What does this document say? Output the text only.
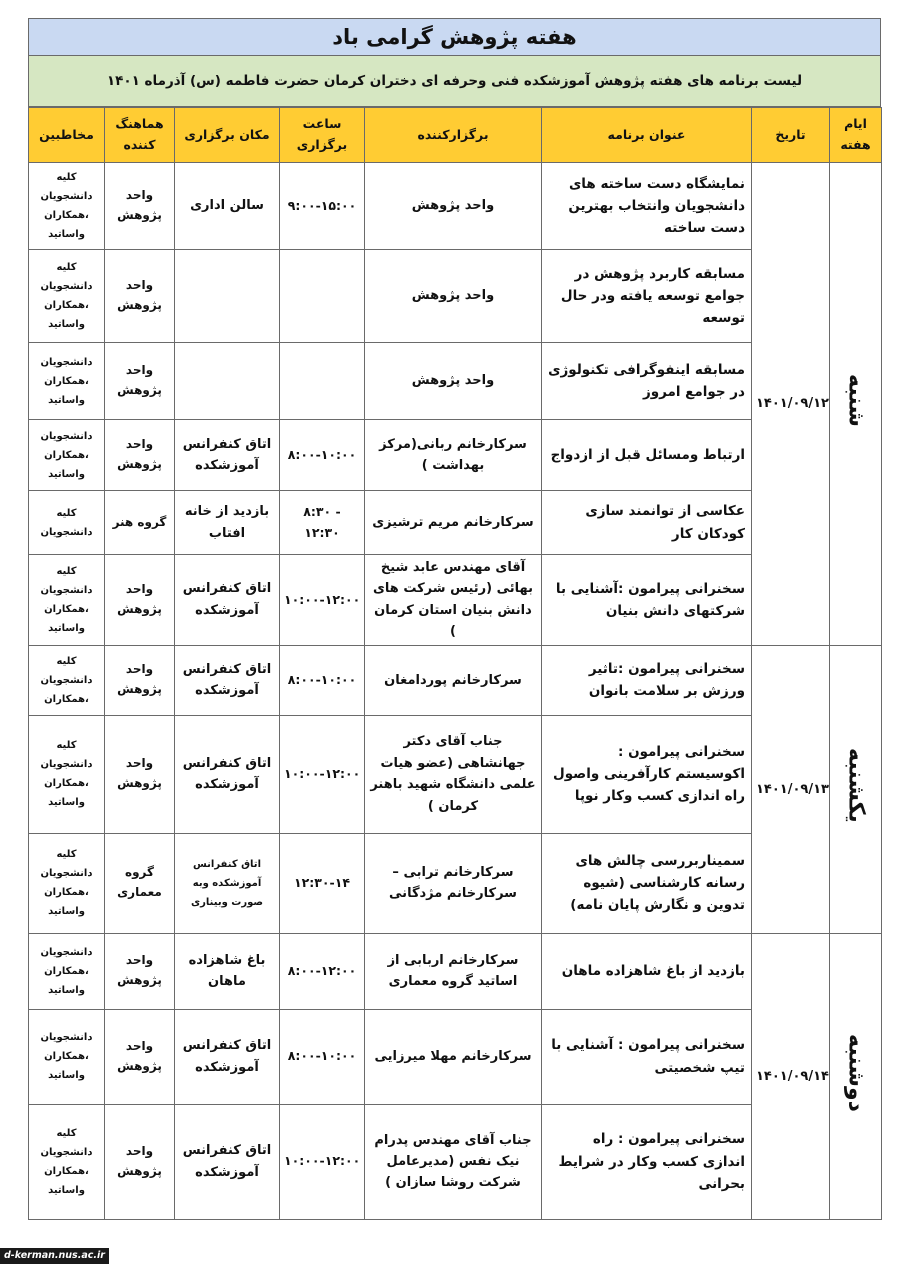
هفته پژوهش گرامی باد
لیست برنامه های هفته پژوهش آموزشکده فنی وحرفه ای دختران کرمان حضرت فاطمه (س) آذرماه ۱۴۰۱
ایام هفته	تاریخ	عنوان برنامه	برگزارکننده	ساعت برگزاری	مکان برگزاری	هماهنگ کننده	مخاطبین
شنبه	۱۴۰۱/۰۹/۱۲	نمایشگاه دست ساخته های دانشجویان وانتخاب بهترین دست ساخته	واحد پژوهش	۹:۰۰-۱۵:۰۰	سالن اداری	واحد پژوهش	کلیه دانشجویان ،همکاران واساتید
		مسابقه کاربرد پژوهش در جوامع توسعه یافته ودر حال توسعه	واحد پژوهش			واحد پژوهش	کلیه دانشجویان ،همکاران واساتید
		مسابقه اینفوگرافی تکنولوژی در جوامع امروز	واحد پژوهش			واحد پژوهش	دانشجویان ،همکاران واساتید
		ارتباط ومسائل قبل از ازدواج	سرکارخانم ربانی(مرکز بهداشت )	۸:۰۰-۱۰:۰۰	اتاق کنفرانس آموزشکده	واحد پژوهش	دانشجویان ،همکاران واساتید
		عکاسی از توانمند سازی کودکان کار	سرکارخانم مریم ترشیزی	۸:۳۰ - ۱۲:۳۰	بازدید از خانه افتاب	گروه هنر	کلیه دانشجویان
		سخنرانی پیرامون :آشنایی با شرکتهای دانش بنیان	آقای مهندس عابد شیخ بهائی (رئیس شرکت های دانش بنیان استان کرمان )	۱۰:۰۰-۱۲:۰۰	اتاق کنفرانس آموزشکده	واحد پژوهش	کلیه دانشجویان ،همکاران واساتید
یکشنبه	۱۴۰۱/۰۹/۱۳	سخنرانی پیرامون :تاثیر ورزش بر سلامت بانوان	سرکارخانم پوردامغان	۸:۰۰-۱۰:۰۰	اتاق کنفرانس آموزشکده	واحد پژوهش	کلیه دانشجویان ،همکاران
		سخنرانی پیرامون : اکوسیستم کارآفرینی واصول راه اندازی کسب وکار نوپا	جناب آقای دکتر جهانشاهی (عضو هیات علمی دانشگاه شهید باهنر کرمان )	۱۰:۰۰-۱۲:۰۰	اتاق کنفرانس آموزشکده	واحد پژوهش	کلیه دانشجویان ،همکاران واساتید
		سمیناربررسی چالش های رسانه کارشناسی (شیوه تدوین و نگارش پایان نامه)	سرکارخانم ترابی – سرکارخانم مژدگانی	۱۲:۳۰-۱۴	اتاق کنفرانس آموزشکده وبه صورت وبیناری	گروه معماری	کلیه دانشجویان ،همکاران واساتید
دوشنبه	۱۴۰۱/۰۹/۱۴	بازدید از باغ شاهزاده ماهان	سرکارخانم اربابی از اساتید گروه معماری	۸:۰۰-۱۲:۰۰	باغ شاهزاده ماهان	واحد پژوهش	دانشجویان ،همکاران واساتید
		سخنرانی پیرامون : آشنایی با تیپ شخصیتی	سرکارخانم مهلا میرزایی	۸:۰۰-۱۰:۰۰	اتاق کنفرانس آموزشکده	واحد پژوهش	دانشجویان ،همکاران واساتید
		سخنرانی پیرامون : راه اندازی کسب وکار در شرایط بحرانی	جناب آقای مهندس پدرام نیک نفس (مدیرعامل شرکت روشا سازان )	۱۰:۰۰-۱۲:۰۰	اتاق کنفرانس آموزشکده	واحد پژوهش	کلیه دانشجویان ،همکاران واساتید
d-kerman.nus.ac.ir
